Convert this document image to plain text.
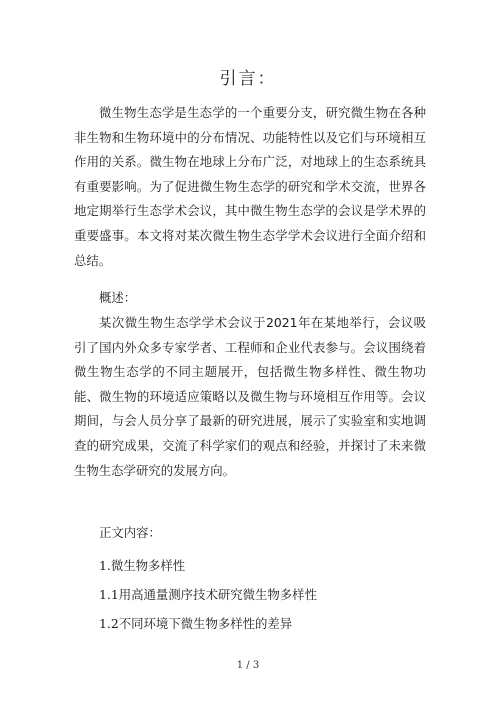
引言：

微生物生态学是生态学的一个重要分支，研究微生物在各种非生物和生物环境中的分布情况、功能特性以及它们与环境相互作用的关系。微生物在地球上分布广泛，对地球上的生态系统具有重要影响。为了促进微生物生态学的研究和学术交流，世界各地定期举行生态学术会议，其中微生物生态学的会议是学术界的重要盛事。本文将对某次微生物生态学学术会议进行全面介绍和总结。

概述：

某次微生物生态学学术会议于2021年在某地举行，会议吸引了国内外众多专家学者、工程师和企业代表参与。会议围绕着微生物生态学的不同主题展开，包括微生物多样性、微生物功能、微生物的环境适应策略以及微生物与环境相互作用等。会议期间，与会人员分享了最新的研究进展，展示了实验室和实地调查的研究成果，交流了科学家们的观点和经验，并探讨了未来微生物生态学研究的发展方向。

正文内容：

1.微生物多样性

1.1用高通量测序技术研究微生物多样性

1.2不同环境下微生物多样性的差异

1 / 3
